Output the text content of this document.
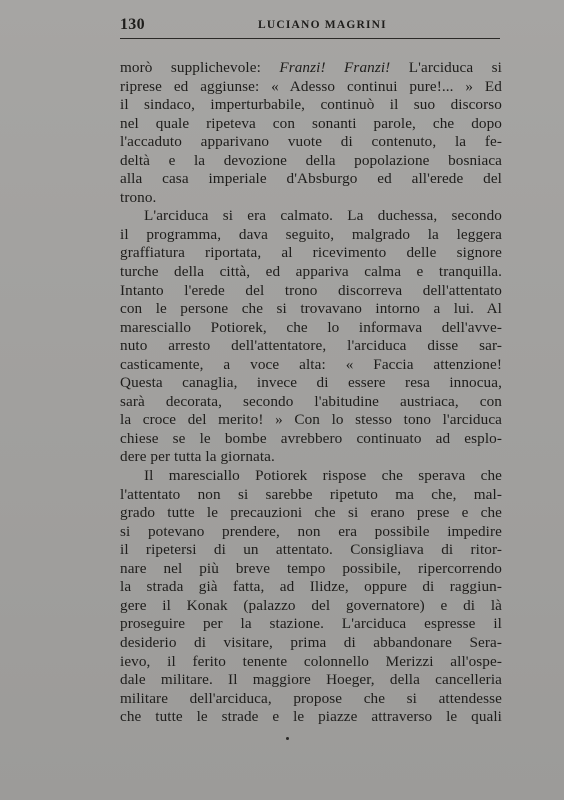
130	LUCIANO MAGRINI
morò supplichevole: Franzi! Franzi! L'arciduca si
riprese ed aggiunse: « Adesso continui pure!... » Ed
il sindaco, imperturbabile, continuò il suo discorso
nel quale ripeteva con sonanti parole, che dopo
l'accaduto apparivano vuote di contenuto, la fe-
deltà e la devozione della popolazione bosniaca
alla casa imperiale d'Absburgo ed all'erede del
trono.
L'arciduca si era calmato. La duchessa, secondo
il programma, dava seguito, malgrado la leggera
graffiatura riportata, al ricevimento delle signore
turche della città, ed appariva calma e tranquilla.
Intanto l'erede del trono discorreva dell'attentato
con le persone che si trovavano intorno a lui. Al
maresciallo Potiorek, che lo informava dell'avve-
nuto arresto dell'attentatore, l'arciduca disse sar-
casticamente, a voce alta: « Faccia attenzione!
Questa canaglia, invece di essere resa innocua,
sarà decorata, secondo l'abitudine austriaca, con
la croce del merito! » Con lo stesso tono l'arciduca
chiese se le bombe avrebbero continuato ad esplo-
dere per tutta la giornata.
Il maresciallo Potiorek rispose che sperava che
l'attentato non si sarebbe ripetuto ma che, mal-
grado tutte le precauzioni che si erano prese e che
si potevano prendere, non era possibile impedire
il ripetersi di un attentato. Consigliava di ritor-
nare nel più breve tempo possibile, ripercorrendo
la strada già fatta, ad Ilidze, oppure di raggiun-
gere il Konak (palazzo del governatore) e di là
proseguire per la stazione. L'arciduca espresse il
desiderio di visitare, prima di abbandonare Sera-
ievo, il ferito tenente colonnello Merizzi all'ospe-
dale militare. Il maggiore Hoeger, della cancelleria
militare dell'arciduca, propose che si attendesse
che tutte le strade e le piazze attraverso le quali
